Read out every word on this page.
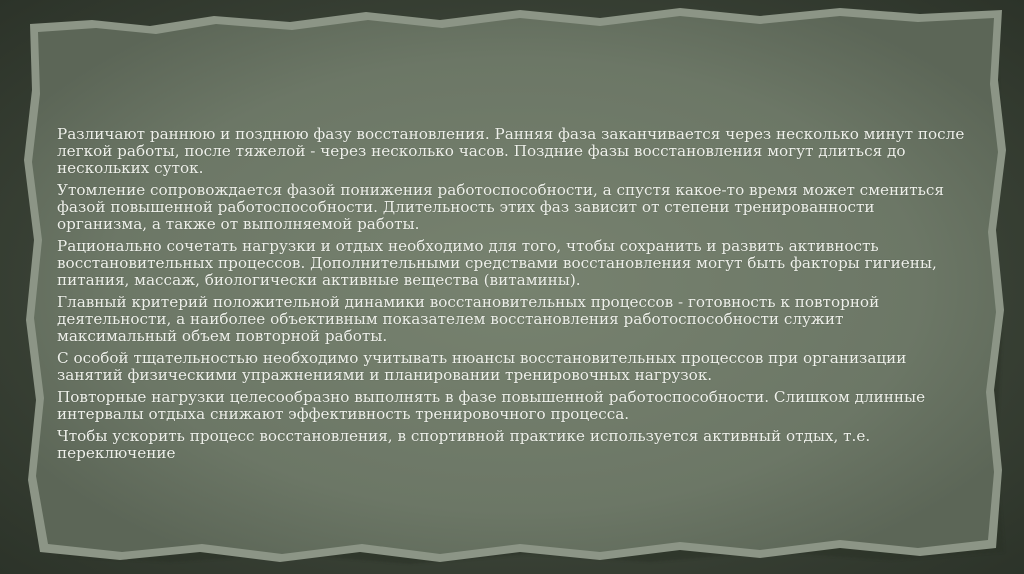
Различают раннюю и позднюю фазу восстановления. Ранняя фаза заканчивается через несколько минут после легкой работы, после тяжелой - через несколько часов. Поздние фазы восстановления могут длиться до нескольких суток.

Утомление сопровождается фазой понижения работоспособности, а спустя какое-то время может смениться фазой повышенной работоспособности. Длительность этих фаз зависит от степени тренированности организма, а также от выполняемой работы.

Рационально сочетать нагрузки и отдых необходимо для того, чтобы сохранить и развить активность восстановительных процессов. Дополнительными средствами восстановления могут быть факторы гигиены, питания, массаж, биологически активные вещества (витамины).

Главный критерий положительной динамики восстановительных процессов - готовность к повторной деятельности, а наиболее объективным показателем восстановления работоспособности служит максимальный объем повторной работы.

С особой тщательностью необходимо учитывать нюансы восстановительных процессов при организации занятий физическими упражнениями и планировании тренировочных нагрузок.

Повторные нагрузки целесообразно выполнять в фазе повышенной работоспособности. Слишком длинные интервалы отдыха снижают эффективность тренировочного процесса.

Чтобы ускорить процесс восстановления, в спортивной практике используется активный отдых, т.е. переключение
